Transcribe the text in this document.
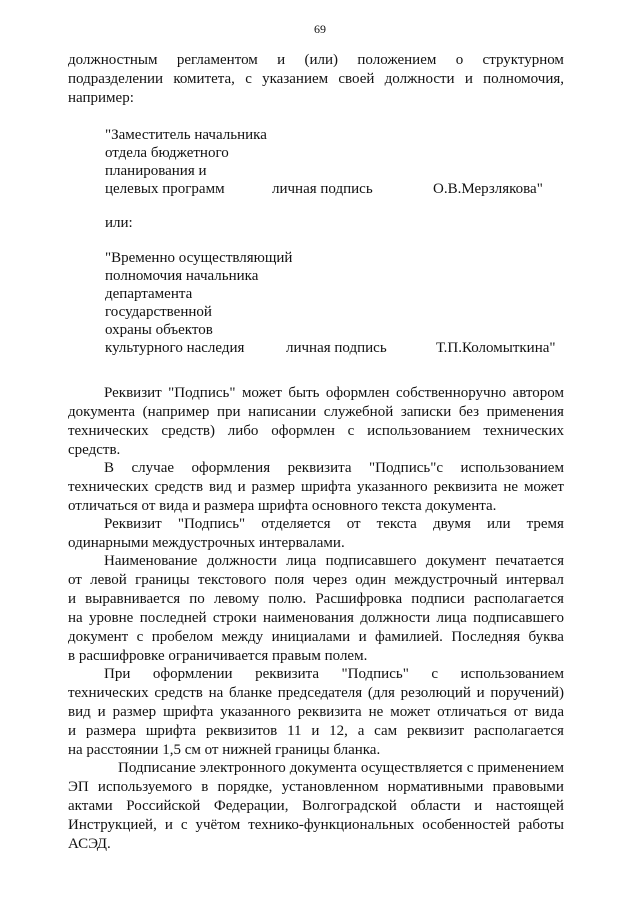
69
должностным регламентом и (или) положением о структурном
подразделении комитета, с указанием своей должности и полномочия,
например:
"Заместитель начальника
отдела бюджетного
планирования и
целевых программ	личная подпись	О.В.Мерзлякова"
или:
"Временно осуществляющий
полномочия начальника
департамента
государственной
охраны объектов
культурного наследия	личная подпись	Т.П.Коломыткина"
Реквизит "Подпись" может быть оформлен собственноручно автором
документа (например при написании служебной записки без применения
технических средств) либо оформлен с использованием технических
средств.
В случае оформления реквизита "Подпись"с использованием
технических средств вид и размер шрифта указанного реквизита не может
отличаться от вида и размера шрифта основного текста документа.
Реквизит "Подпись" отделяется от текста двумя или тремя
одинарными междустрочных интервалами.
Наименование должности лица подписавшего документ печатается
от левой границы текстового поля через один междустрочный интервал
и выравнивается по левому полю. Расшифровка подписи располагается
на уровне последней строки наименования должности лица подписавшего
документ с пробелом между инициалами и фамилией. Последняя буква
в расшифровке ограничивается правым полем.
При оформлении реквизита "Подпись" с использованием
технических средств на бланке председателя (для резолюций и поручений)
вид и размер шрифта указанного реквизита не может отличаться от вида
и размера шрифта реквизитов 11 и 12, а сам реквизит располагается
на расстоянии 1,5 см от нижней границы бланка.
Подписание электронного документа осуществляется с применением
ЭП используемого в порядке, установленном нормативными правовыми
актами Российской Федерации, Волгоградской области и настоящей
Инструкцией, и с учётом технико-функциональных особенностей работы
АСЭД.
